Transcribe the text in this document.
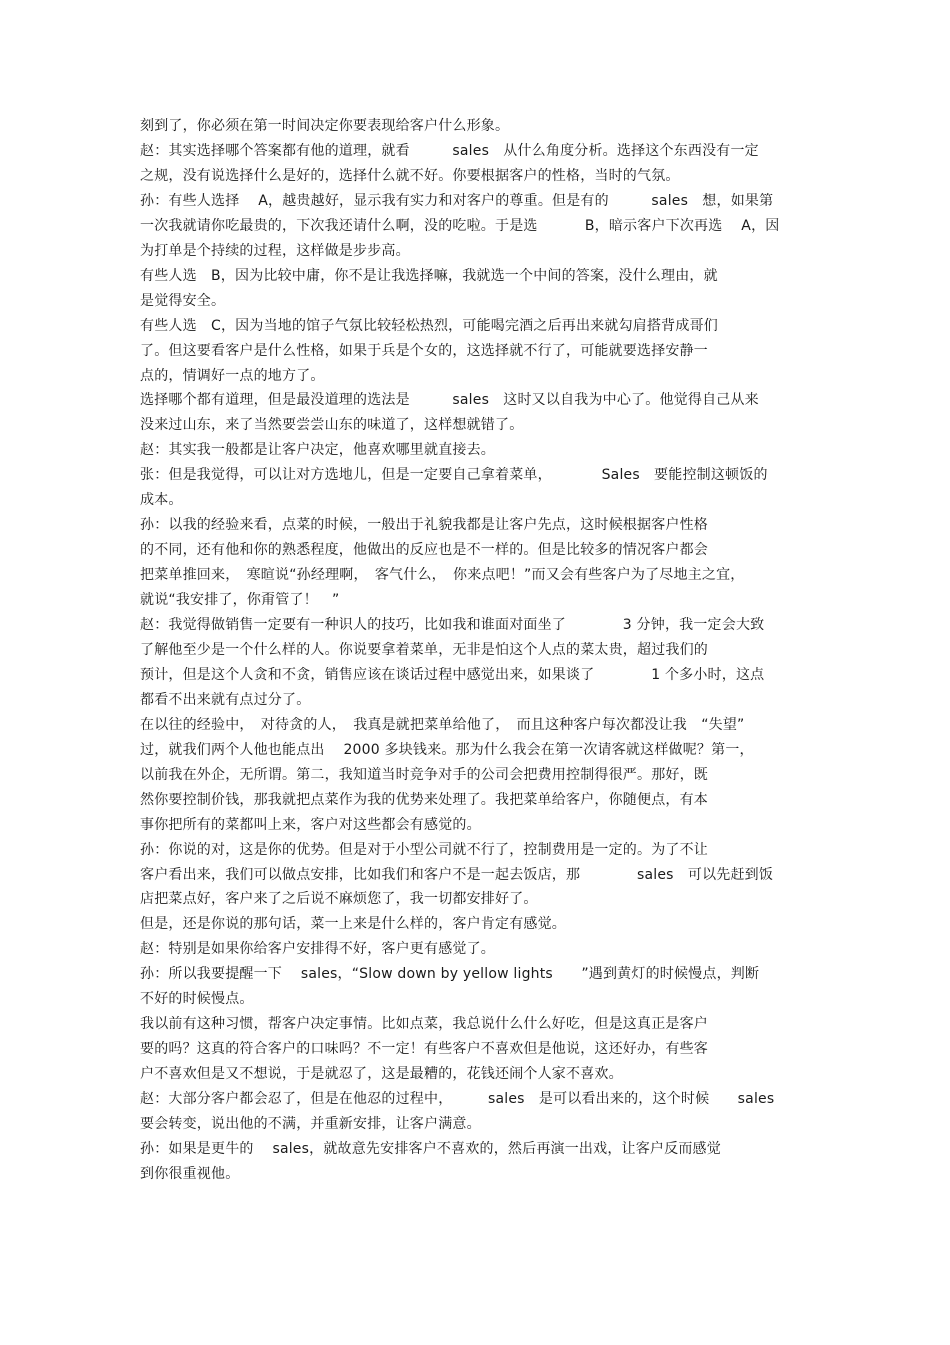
刻到了，你必须在第一时间决定你要表现给客户什么形象。
赵：其实选择哪个答案都有他的道理，就看　　　sales　从什么角度分析。选择这个东西没有一定
之规，没有说选择什么是好的，选择什么就不好。你要根据客户的性格，当时的气氛。
孙：有些人选择　 A，越贵越好，显示我有实力和对客户的尊重。但是有的　　　sales　想，如果第
一次我就请你吃最贵的，下次我还请什么啊，没的吃啦。于是选　　　 B，暗示客户下次再选　 A，因
为打单是个持续的过程，这样做是步步高。
有些人选　B，因为比较中庸，你不是让我选择嘛，我就选一个中间的答案，没什么理由，就
是觉得安全。
有些人选　C，因为当地的馆子气氛比较轻松热烈，可能喝完酒之后再出来就勾肩搭背成哥们
了。但这要看客户是什么性格，如果于兵是个女的，这选择就不行了，可能就要选择安静一
点的，情调好一点的地方了。
选择哪个都有道理，但是最没道理的选法是　　　sales　这时又以自我为中心了。他觉得自己从来
没来过山东，来了当然要尝尝山东的味道了，这样想就错了。
赵：其实我一般都是让客户决定，他喜欢哪里就直接去。
张：但是我觉得，可以让对方选地儿，但是一定要自己拿着菜单，　　　　Sales　要能控制这顿饭的
成本。
孙：以我的经验来看，点菜的时候，一般出于礼貌我都是让客户先点，这时候根据客户性格
的不同，还有他和你的熟悉程度，他做出的反应也是不一样的。但是比较多的情况客户都会
把菜单推回来，　寒暄说“孙经理啊，　客气什么，　你来点吧！”而又会有些客户为了尽地主之宜，
就说“我安排了，你甭管了！　”
赵：我觉得做销售一定要有一种识人的技巧，比如我和谁面对面坐了　　　　3 分钟，我一定会大致
了解他至少是一个什么样的人。你说要拿着菜单，无非是怕这个人点的菜太贵，超过我们的
预计，但是这个人贪和不贪，销售应该在谈话过程中感觉出来，如果谈了　　　　1 个多小时，这点
都看不出来就有点过分了。
在以往的经验中，　对待贪的人，　我真是就把菜单给他了，　而且这种客户每次都没让我　“失望”
过，就我们两个人他也能点出　 2000 多块钱来。那为什么我会在第一次请客就这样做呢？第一，
以前我在外企，无所谓。第二，我知道当时竞争对手的公司会把费用控制得很严。那好，既
然你要控制价钱，那我就把点菜作为我的优势来处理了。我把菜单给客户，你随便点，有本
事你把所有的菜都叫上来，客户对这些都会有感觉的。
孙：你说的对，这是你的优势。但是对于小型公司就不行了，控制费用是一定的。为了不让
客户看出来，我们可以做点安排，比如我们和客户不是一起去饭店，那　　　　sales　可以先赶到饭
店把菜点好，客户来了之后说不麻烦您了，我一切都安排好了。
但是，还是你说的那句话，菜一上来是什么样的，客户肯定有感觉。
赵：特别是如果你给客户安排得不好，客户更有感觉了。
孙：所以我要提醒一下　 sales，“Slow down by yellow lights　　”遇到黄灯的时候慢点，判断
不好的时候慢点。
我以前有这种习惯，帮客户决定事情。比如点菜，我总说什么什么好吃，但是这真正是客户
要的吗？这真的符合客户的口味吗？不一定！有些客户不喜欢但是他说，这还好办，有些客
户不喜欢但是又不想说，于是就忍了，这是最糟的，花钱还闹个人家不喜欢。
赵：大部分客户都会忍了，但是在他忍的过程中，　　　sales　是可以看出来的，这个时候　　sales
要会转变，说出他的不满，并重新安排，让客户满意。
孙：如果是更牛的　 sales，就故意先安排客户不喜欢的，然后再演一出戏，让客户反而感觉
到你很重视他。
